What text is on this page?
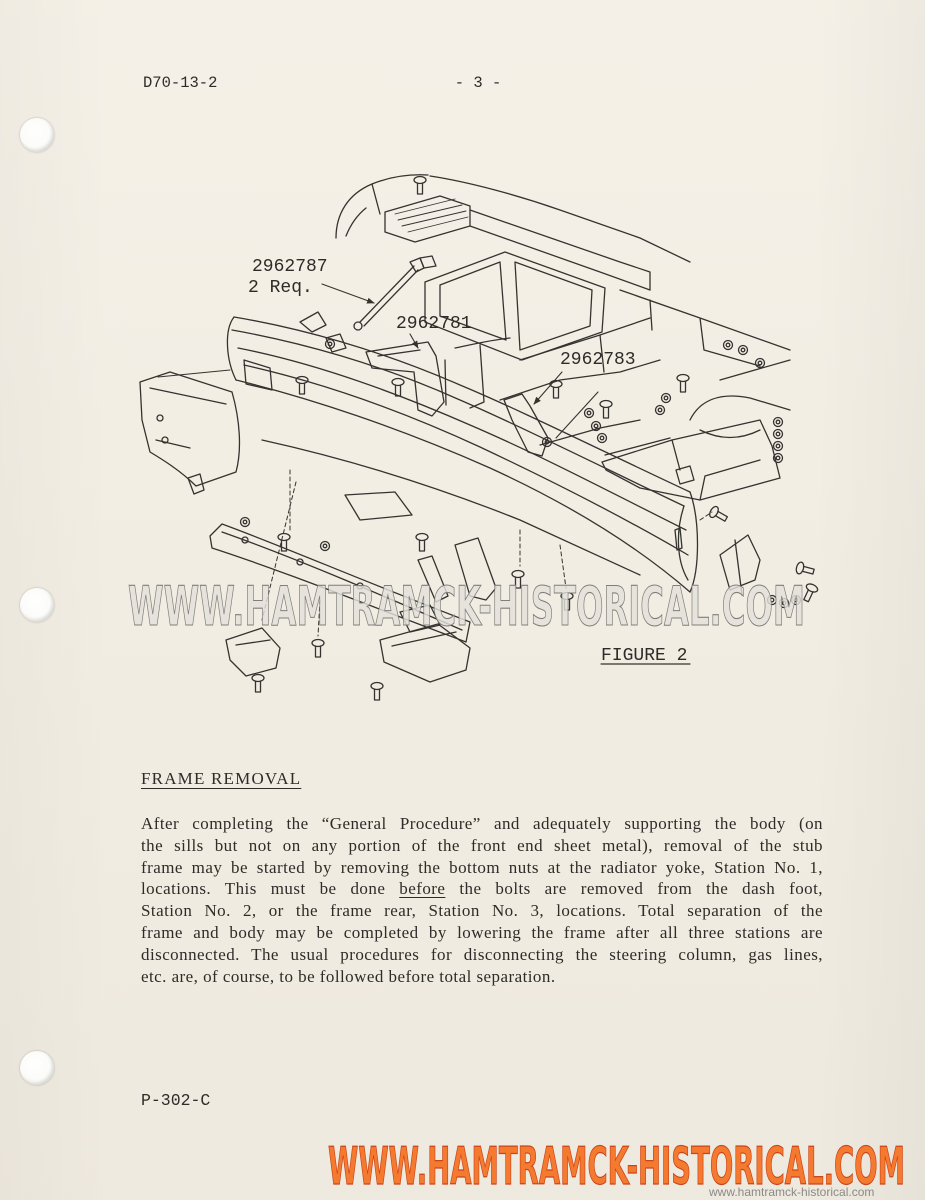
D70-13-2	- 3 -
2962787
2 Req.
2962781
2962783
FIGURE 2
WWW.HAMTRAMCK-HISTORICAL.COM
FRAME REMOVAL
After completing the “General Procedure” and adequately supporting the body (on
the sills but not on any portion of the front end sheet metal), removal of the stub
frame may be started by removing the bottom nuts at the radiator yoke, Station No. 1,
locations. This must be done before the bolts are removed from the dash foot,
Station No. 2, or the frame rear, Station No. 3, locations. Total separation of the
frame and body may be completed by lowering the frame after all three stations are
disconnected. The usual procedures for disconnecting the steering column, gas lines,
etc. are, of course, to be followed before total separation.
P-302-C
WWW.HAMTRAMCK-HISTORICAL.COM
www.hamtramck-historical.com
